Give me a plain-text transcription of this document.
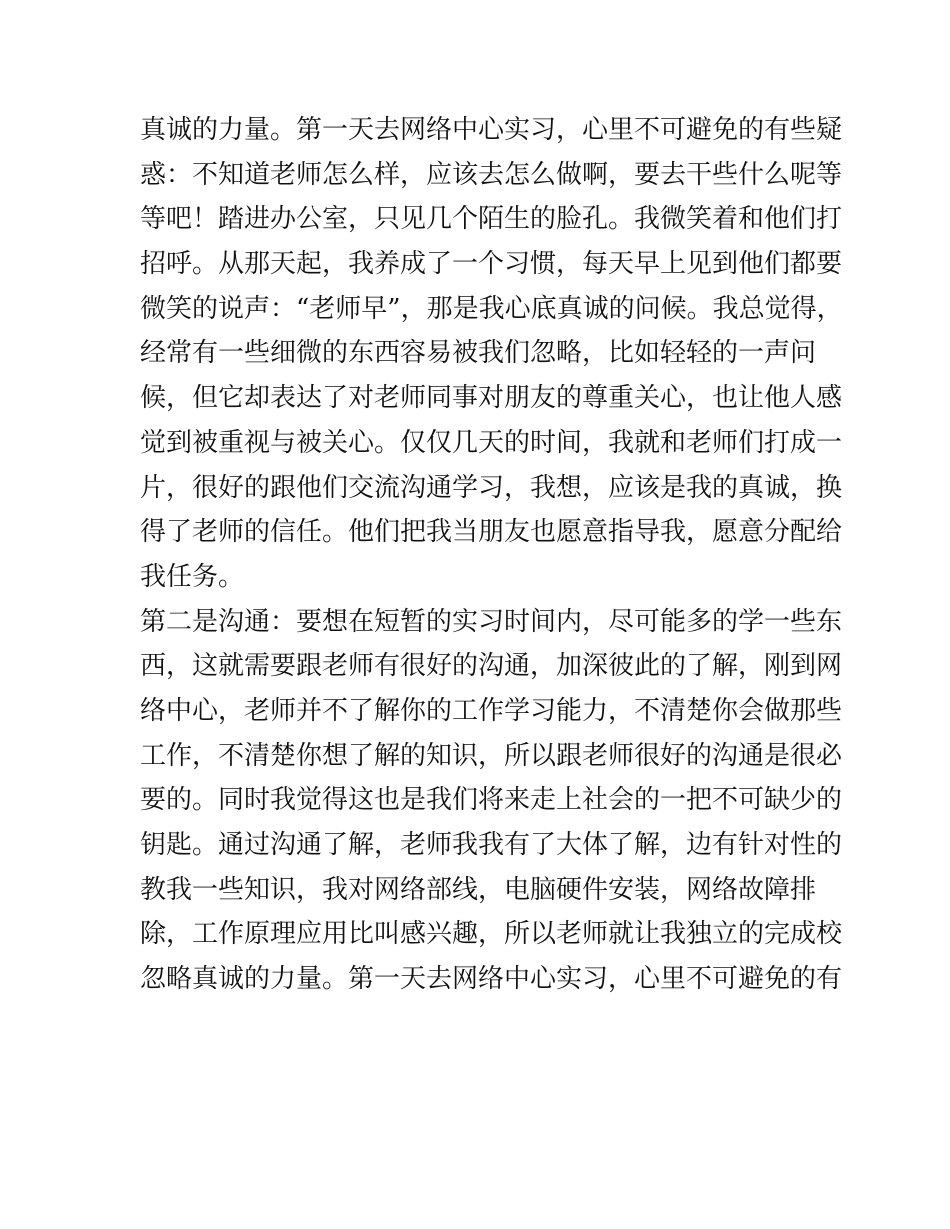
真诚的力量。第一天去网络中心实习，心里不可避免的有些疑
惑：不知道老师怎么样，应该去怎么做啊，要去干些什么呢等
等吧！踏进办公室，只见几个陌生的脸孔。我微笑着和他们打
招呼。从那天起，我养成了一个习惯，每天早上见到他们都要
微笑的说声：“老师早”，那是我心底真诚的问候。我总觉得，
经常有一些细微的东西容易被我们忽略，比如轻轻的一声问
候，但它却表达了对老师同事对朋友的尊重关心，也让他人感
觉到被重视与被关心。仅仅几天的时间，我就和老师们打成一
片，很好的跟他们交流沟通学习，我想，应该是我的真诚，换
得了老师的信任。他们把我当朋友也愿意指导我，愿意分配给
我任务。
第二是沟通：要想在短暂的实习时间内，尽可能多的学一些东
西，这就需要跟老师有很好的沟通，加深彼此的了解，刚到网
络中心，老师并不了解你的工作学习能力，不清楚你会做那些
工作，不清楚你想了解的知识，所以跟老师很好的沟通是很必
要的。同时我觉得这也是我们将来走上社会的一把不可缺少的
钥匙。通过沟通了解，老师我我有了大体了解，边有针对性的
教我一些知识，我对网络部线，电脑硬件安装，网络故障排
除，工作原理应用比叫感兴趣，所以老师就让我独立的完成校
忽略真诚的力量。第一天去网络中心实习，心里不可避免的有
